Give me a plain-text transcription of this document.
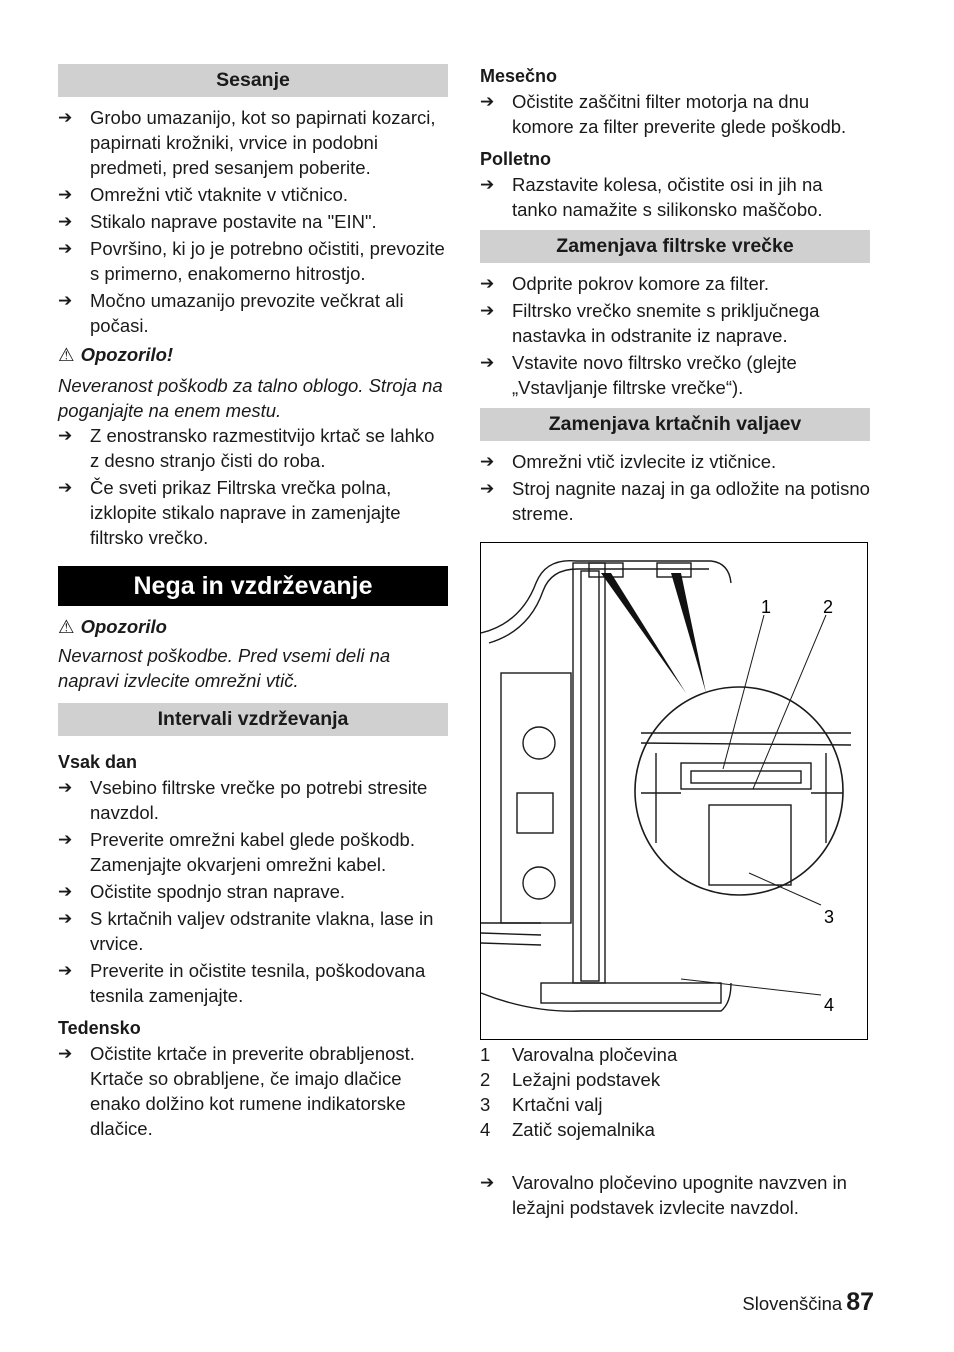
Sesanje
➔ Grobo umazanijo, kot so papirnati kozarci, papirnati krožniki, vrvice in podobni predmeti, pred sesanjem poberite.
➔ Omrežni vtič vtaknite v vtičnico.
➔ Stikalo naprave postavite na "EIN".
➔ Površino, ki jo je potrebno očistiti, prevozite s primerno, enakomerno hitrostjo.
➔ Močno umazanijo prevozite večkrat ali počasi.
⚠ Opozorilo!
Neveranost poškodb za talno oblogo. Stroja na poganjajte na enem mestu.
➔ Z enostransko razmestitvijo krtač se lahko z desno stranjo čisti do roba.
➔ Če sveti prikaz Filtrska vrečka polna, izklopite stikalo naprave in zamenjajte filtrsko vrečko.
Nega in vzdrževanje
⚠ Opozorilo
Nevarnost poškodbe. Pred vsemi deli na napravi izvlecite omrežni vtič.
Intervali vzdrževanja
Vsak dan
➔ Vsebino filtrske vrečke po potrebi stresite navzdol.
➔ Preverite omrežni kabel glede poškodb. Zamenjajte okvarjeni omrežni kabel.
➔ Očistite spodnjo stran naprave.
➔ S krtačnih valjev odstranite vlakna, lase in vrvice.
➔ Preverite in očistite tesnila, poškodovana tesnila zamenjajte.
Tedensko
➔ Očistite krtače in preverite obrabljenost. Krtače so obrabljene, če imajo dlačice enako dolžino kot rumene indikatorske dlačice.
Mesečno
➔ Očistite zaščitni filter motorja na dnu komore za filter preverite glede poškodb.
Polletno
➔ Razstavite kolesa, očistite osi in jih na tanko namažite s silikonsko maščobo.
Zamenjava filtrske vrečke
➔ Odprite pokrov komore za filter.
➔ Filtrsko vrečko snemite s priključnega nastavka in odstranite iz naprave.
➔ Vstavite novo filtrsko vrečko (glejte „Vstavljanje filtrske vrečke“).
Zamenjava krtačnih valjaev
➔ Omrežni vtič izvlecite iz vtičnice.
➔ Stroj nagnite nazaj in ga odložite na potisno streme.
1	2
3
4
1	Varovalna pločevina
2	Ležajni podstavek
3	Krtačni valj
4	Zatič sojemalnika
➔ Varovalno pločevino upognite navzven in ležajni podstavek izvlecite navzdol.
Slovenščina 87
